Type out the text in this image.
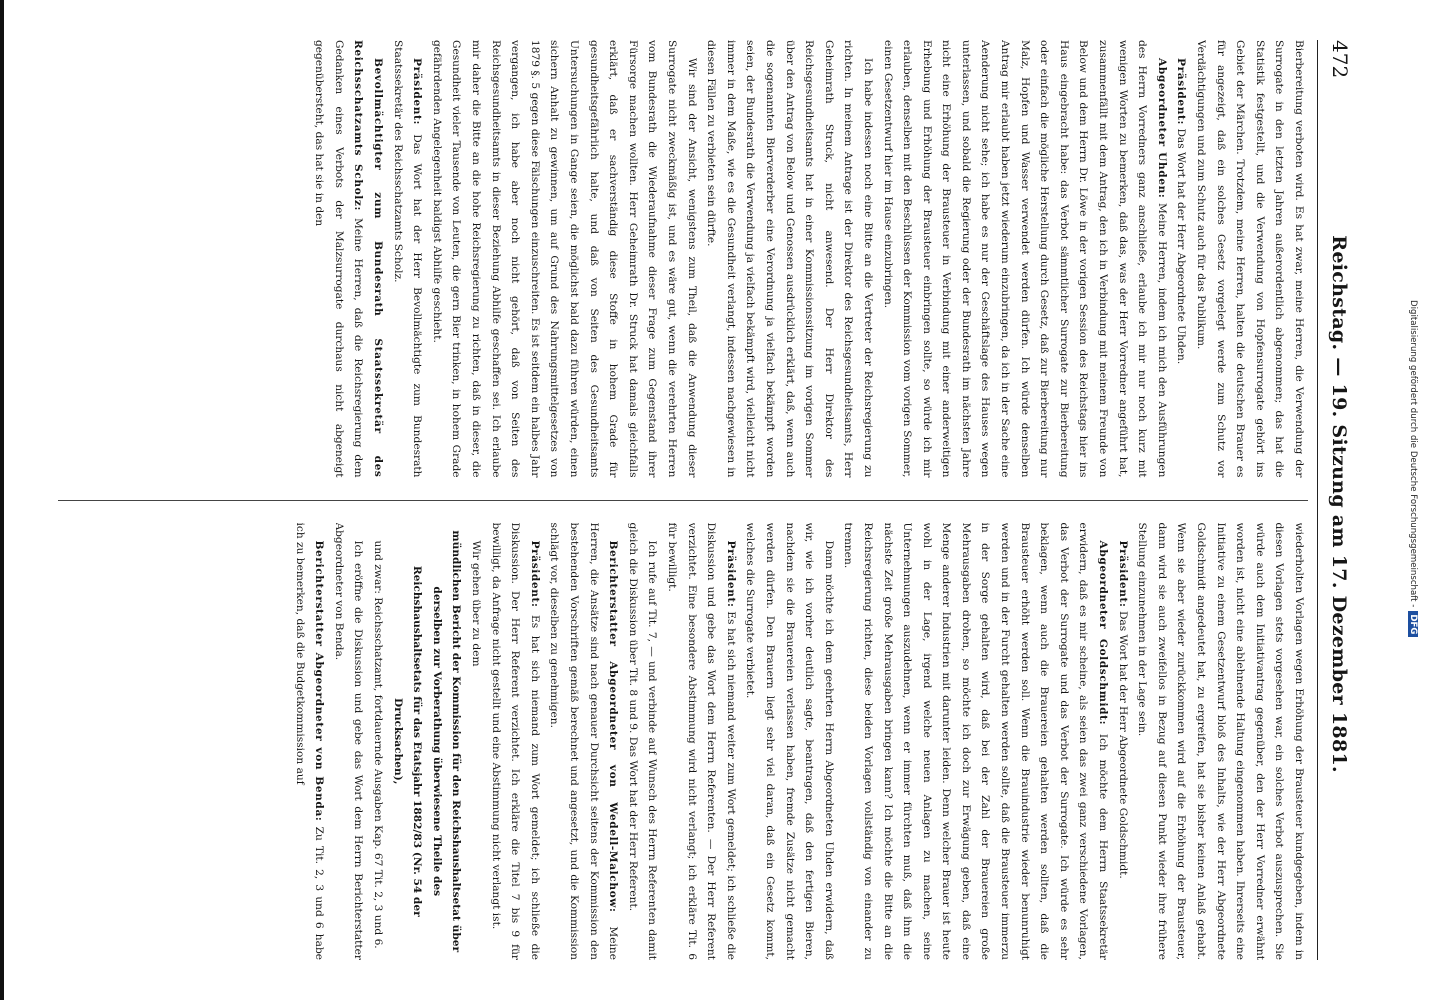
472
Reichstag. — 19. Sitzung am 17. Dezember 1881.

Bierbereitung verboten wird. Es hat zwar, meine Herren, die Verwendung der Surrogate in den letzten Jahren außerordentlich abgenommen; das hat die Statistik festgestellt, und die Verwendung von Hopfensurrogate gehört ins Gebiet der Märchen. Trotzdem, meine Herren, halten die deutschen Brauer es für angezeigt, daß ein solches Gesetz vorgelegt werde zum Schutz vor Verdächtigungen und zum Schutz auch für das Publikum.

Präsident: Das Wort hat der Herr Abgeordnete Uhden.

Abgeordneter Uhden: Meine Herren, indem ich mich den Ausführungen des Herrn Vorredners ganz anschließe, erlaube ich mir nur noch kurz mit wenigen Worten zu bemerken, daß das, was der Herr Vorredner angeführt hat, zusammenfällt mit dem Antrag, den ich in Verbindung mit meinem Freunde von Below und dem Herrn Dr. Löwe in der vorigen Session des Reichstags hier ins Haus eingebracht habe: das Verbot sämmtlicher Surrogate zur Bierbereitung oder einfach die mögliche Herstellung durch Gesetz, daß zur Bierbereitung nur Malz, Hopfen und Wasser verwendet werden dürfen. Ich würde denselben Antrag mir erlaubt haben jetzt wiederum einzubringen, da ich in der Sache eine Aenderung nicht sehe; ich habe es nur der Geschäftslage des Hauses wegen unterlassen, und sobald die Regierung oder der Bundesrath im nächsten Jahre nicht eine Erhöhung der Brausteuer in Verbindung mit einer anderweitigen Erhebung und Erhöhung der Brausteuer einbringen sollte, so würde ich mir erlauben, denselben mit den Beschlüssen der Kommission vom vorigen Sommer, einen Gesetzentwurf hier im Hause einzubringen.

Ich habe indessen noch eine Bitte an die Vertreter der Reichsregierung zu richten. In meinem Antrage ist der Direktor des Reichsgesundheitsamts, Herr Geheimrath Struck, nicht anwesend. Der Herr Direktor des Reichsgesundheitsamts hat in einer Kommissionssitzung im vorigen Sommer über den Antrag von Below und Genossen ausdrücklich erklärt, daß, wenn auch die sogenannten Bierverderber eine Verordnung ja vielfach bekämpft worden seien, der Bundesrath die Verwendung ja vielfach bekämpft wird, vielleicht nicht immer in dem Maße, wie es die Gesundheit verlangt, indessen nachgewiesen in diesen Fällen zu verbieten sein dürfte.

Wir sind der Ansicht, wenigstens zum Theil, daß die Anwendung dieser Surrogate nicht zweckmäßig ist, und es wäre gut, wenn die verehrten Herren vom Bundesrath die Wiederaufnahme dieser Frage zum Gegenstand ihrer Fürsorge machen wollten. Herr Geheimrath Dr. Struck hat damals gleichfalls erklärt, daß er sachverständig diese Stoffe in hohem Grade für gesundheitsgefährlich halte, und daß von Seiten des Gesundheitsamts Untersuchungen in Gange seien, die möglichst bald dazu führen würden, einen sichern Anhalt zu gewinnen, um auf Grund des Nahrungsmittelgesetzes von 1879 §. 5 gegen diese Fälschungen einzuschreiten. Es ist seitdem ein halbes Jahr vergangen, ich habe aber noch nicht gehört, daß von Seiten des Reichsgesundheitsamts in dieser Beziehung Abhilfe geschaffen sei. Ich erlaube mir daher die Bitte an die hohe Reichsregierung zu richten, daß in dieser, die Gesundheit vieler Tausende von Leuten, die gern Bier trinken, in hohem Grade gefährdenden Angelegenheit baldigst Abhilfe geschieht.

Präsident: Das Wort hat der Herr Bevollmächtigte zum Bundesrath Staatssekretär des Reichsschatzamts Scholz.

Bevollmächtigter zum Bundesrath Staatssekretär des Reichsschatzamts Scholz: Meine Herren, daß die Reichsregierung dem Gedanken eines Verbots der Malzsurrogate durchaus nicht abgeneigt gegenübersteht, das hat sie in den

wiederholten Vorlagen wegen Erhöhung der Brausteuer kundgegeben, indem in diesen Vorlagen stets vorgesehen war, ein solches Verbot auszusprechen. Sie würde auch dem Initiativantrag gegenüber, den der Herr Vorredner erwähnt worden ist, nicht eine ablehnende Haltung eingenommen haben. Ihrerseits eine Initiative zu einem Gesetzentwurf bloß des Inhalts, wie der Herr Abgeordnete Goldschmidt angedeutet hat, zu ergreifen, hat sie bisher keinen Anlaß gehabt. Wenn sie aber wieder zurückkommen wird auf die Erhöhung der Brausteuer, dann wird sie auch zweifellos in Bezug auf diesen Punkt wieder ihre frühere Stellung einzunehmen in der Lage sein.

Präsident: Das Wort hat der Herr Abgeordnete Goldschmidt.

Abgeordneter Goldschmidt: Ich möchte dem Herrn Staatssekretär erwidern, daß es mir scheine, als seien das zwei ganz verschiedene Vorlagen, das Verbot der Surrogate und das Verbot der Surrogate. Ich würde es sehr beklagen, wenn auch die Brauereien gehalten werden sollten, daß die Brausteuer erhöht werden soll. Wenn die Brauindustrie wieder benunruhigt werden und in der Furcht gehalten werden sollte, daß die Brausteuer immerzu in der Sorge gehalten wird, daß bei der Zahl der Brauereien große Mehrausgaben drohen, so möchte ich doch zur Erwägung geben, daß eine Menge anderer Industrien mit darunter leiden. Denn welcher Brauer ist heute wohl in der Lage, irgend welche neuen Anlagen zu machen, seine Unternehmungen auszudehnen, wenn er immer fürchten muß, daß ihm die nächste Zeit große Mehrausgaben bringen kann? Ich möchte die Bitte an die Reichsregierung richten, diese beiden Vorlagen vollständig von einander zu trennen.

Dann möchte ich dem geehrten Herrn Abgeordneten Uhden erwidern, daß wir, wie ich vorher deutlich sagte, beantragen, daß den fertigen Bieren, nachdem sie die Brauereien verlassen haben, fremde Zusätze nicht gemacht werden dürfen. Den Brauern liegt sehr viel daran, daß ein Gesetz kommt, welches die Surrogate verbietet.

Präsident: Es hat sich niemand weiter zum Wort gemeldet; ich schließe die Diskussion und gebe das Wort dem Herrn Referenten. — Der Herr Referent verzichtet. Eine besondere Abstimmung wird nicht verlangt; ich erkläre Tit. 6 für bewilligt.

Ich rufe auf Tit. 7, — und verbinde auf Wunsch des Herrn Referenten damit gleich die Diskussion über Tit. 8 und 9. Das Wort hat der Herr Referent.

Berichterstatter Abgeordneter von Wedell-Malchow: Meine Herren, die Ansätze sind nach genauer Durchsicht seitens der Kommission den bestehenden Vorschriften gemäß berechnet und angesetzt, und die Kommission schlägt vor, dieselben zu genehmigen.

Präsident: Es hat sich niemand zum Wort gemeldet; ich schließe die Diskussion. Der Herr Referent verzichtet. Ich erkläre die Titel 7 bis 9 für bewilligt, da Anfrage nicht gestellt und eine Abstimmung nicht verlangt ist.

Wir gehen über zu dem

mündlichen Bericht der Kommission für den Reichshaushaltsetat über derselben zur Vorberathung überwiesene Theile des Reichshaushaltsetats für das Etatsjahr 1882/83 (Nr. 54 der Drucksachen),

und zwar: Reichsschatzamt, fortdauernde Ausgaben Kap. 67 Tit. 2, 3 und 6.

Ich eröffne die Diskussion und gebe das Wort dem Herrn Berichterstatter Abgeordneter von Benda.

Berichterstatter Abgeordneter von Benda: Zu Tit. 2, 3 und 6 habe ich zu bemerken, daß die Budgetkommission auf

Digitalisierung gefördert durch die Deutsche Forschungsgemeinschaft -DFG
